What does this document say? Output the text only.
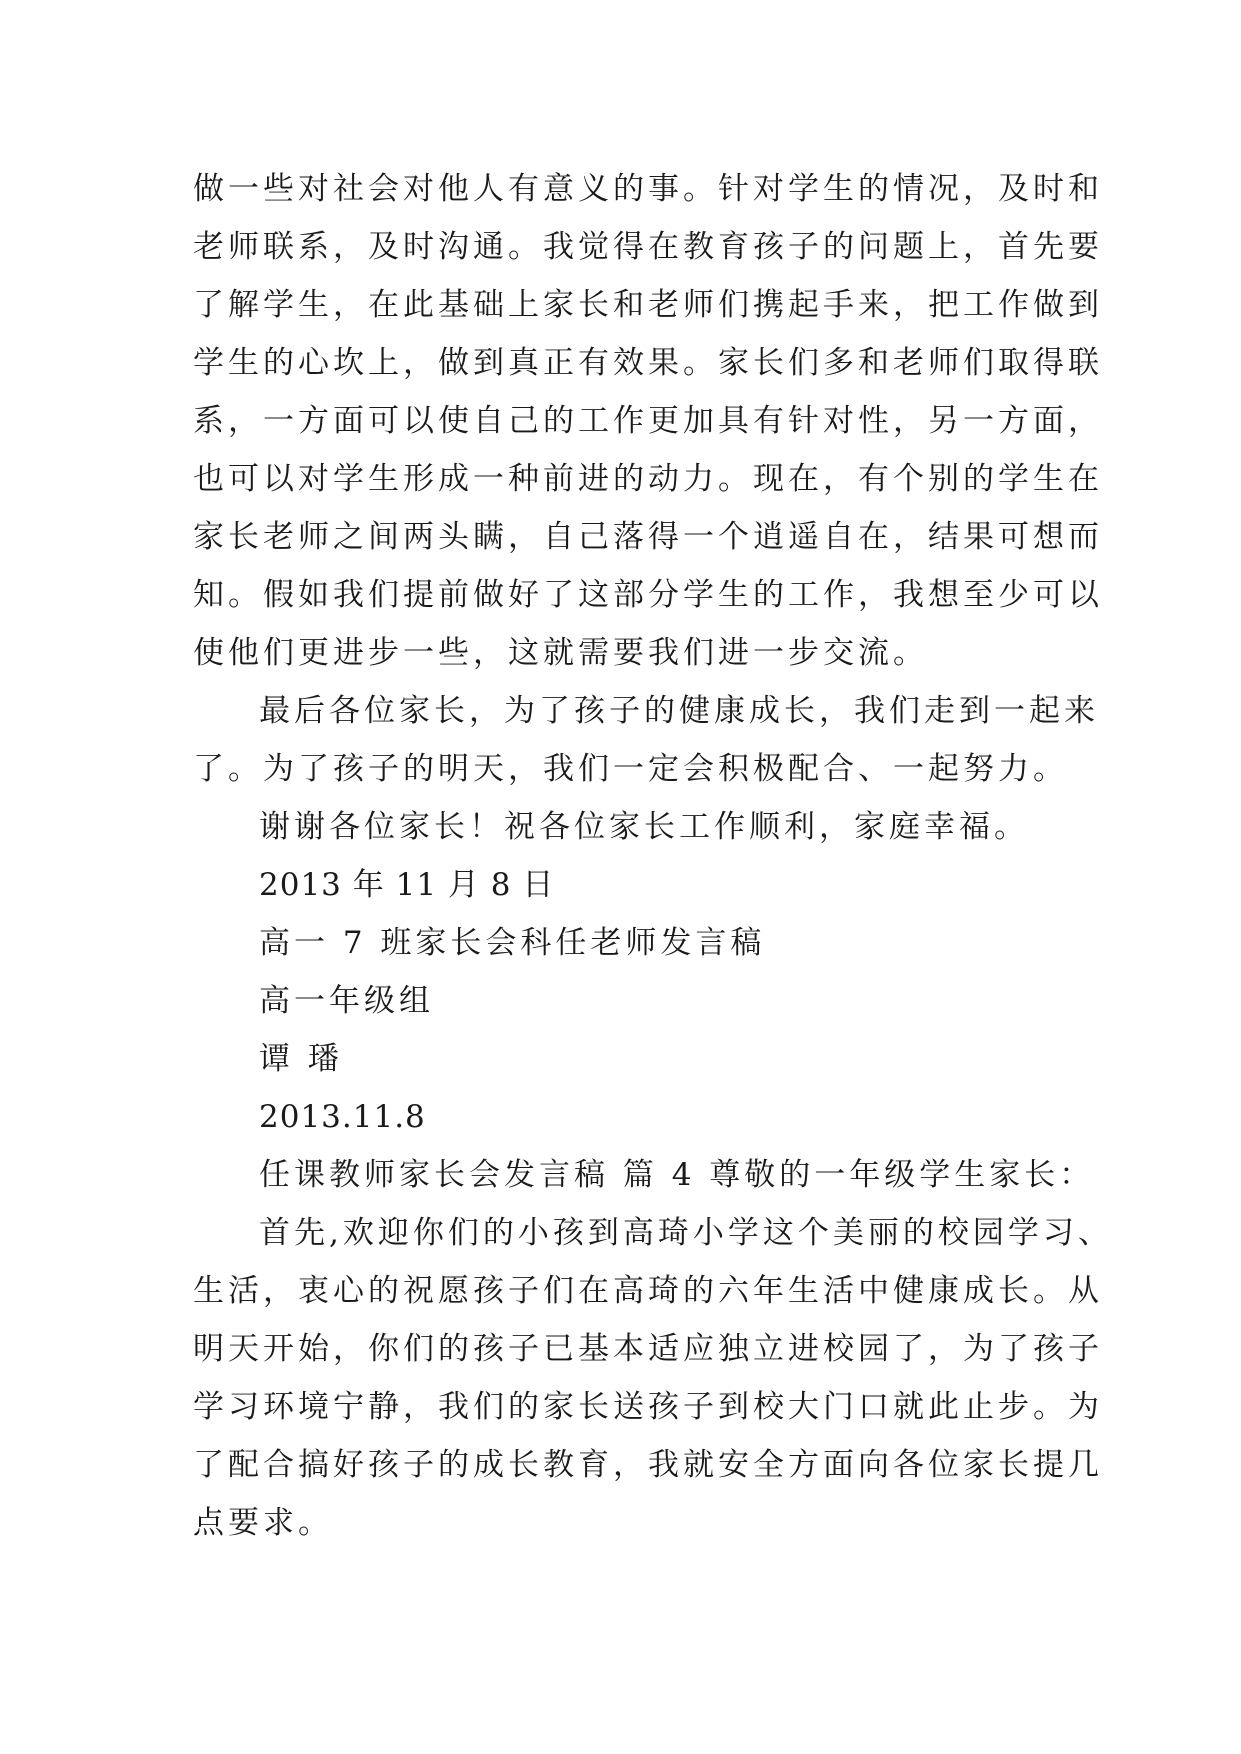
做一些对社会对他人有意义的事。针对学生的情况，及时和
老师联系，及时沟通。我觉得在教育孩子的问题上，首先要
了解学生，在此基础上家长和老师们携起手来，把工作做到
学生的心坎上，做到真正有效果。家长们多和老师们取得联
系，一方面可以使自己的工作更加具有针对性，另一方面，
也可以对学生形成一种前进的动力。现在，有个别的学生在
家长老师之间两头瞒，自己落得一个逍遥自在，结果可想而
知。假如我们提前做好了这部分学生的工作，我想至少可以
使他们更进步一些，这就需要我们进一步交流。
最后各位家长，为了孩子的健康成长，我们走到一起来
了。为了孩子的明天，我们一定会积极配合、一起努力。
谢谢各位家长！祝各位家长工作顺利，家庭幸福。
2013 年 11 月 8 日
高一 7 班家长会科任老师发言稿
高一年级组
谭 璠
2013.11.8
任课教师家长会发言稿 篇 4 尊敬的一年级学生家长：
首先,欢迎你们的小孩到高琦小学这个美丽的校园学习、
生活，衷心的祝愿孩子们在高琦的六年生活中健康成长。从
明天开始，你们的孩子已基本适应独立进校园了，为了孩子
学习环境宁静，我们的家长送孩子到校大门口就此止步。为
了配合搞好孩子的成长教育，我就安全方面向各位家长提几
点要求。
